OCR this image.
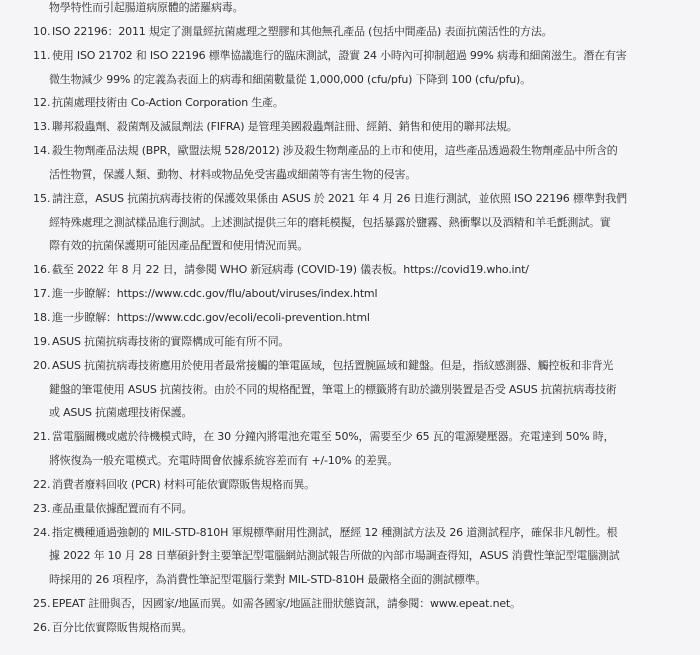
物學特性而引起腸道病原體的諾羅病毒。
10. ISO 22196：2011 規定了測量經抗菌處理之塑膠和其他無孔產品 (包括中間產品) 表面抗菌活性的方法。
11. 使用 ISO 21702 和 ISO 22196 標準協議進行的臨床測試，證實 24 小時內可抑制超過 99% 病毒和細菌滋生。潛在有害
微生物減少 99% 的定義為表面上的病毒和細菌數量從 1,000,000 (cfu/pfu) 下降到 100 (cfu/pfu)。
12. 抗菌處理技術由 Co-Action Corporation 生產。
13. 聯邦殺蟲劑、殺菌劑及滅鼠劑法 (FIFRA) 是管理美國殺蟲劑註冊、經銷、銷售和使用的聯邦法規。
14. 殺生物劑產品法規 (BPR，歐盟法規 528/2012) 涉及殺生物劑產品的上市和使用，這些產品透過殺生物劑產品中所含的
活性物質，保護人類、動物、材料或物品免受害蟲或細菌等有害生物的侵害。
15. 請注意，ASUS 抗菌抗病毒技術的保護效果係由 ASUS 於 2021 年 4 月 26 日進行測試，並依照 ISO 22196 標準對我們
經特殊處理之測試樣品進行測試。上述測試提供三年的磨耗模擬，包括暴露於鹽霧、熱衝擊以及酒精和羊毛氈測試。實
際有效的抗菌保護期可能因產品配置和使用情況而異。
16. 截至 2022 年 8 月 22 日，請參閱 WHO 新冠病毒 (COVID-19) 儀表板。https://covid19.who.int/
17. 進一步瞭解：https://www.cdc.gov/flu/about/viruses/index.html
18. 進一步瞭解：https://www.cdc.gov/ecoli/ecoli-prevention.html
19. ASUS 抗菌抗病毒技術的實際構成可能有所不同。
20. ASUS 抗菌抗病毒技術應用於使用者最常接觸的筆電區域，包括置腕區域和鍵盤。但是，指紋感測器、觸控板和非背光
鍵盤的筆電使用 ASUS 抗菌技術。由於不同的規格配置，筆電上的標籤將有助於識別裝置是否受 ASUS 抗菌抗病毒技術
或 ASUS 抗菌處理技術保護。
21. 當電腦關機或處於待機模式時，在 30 分鐘內將電池充電至 50%，需要至少 65 瓦的電源變壓器。充電達到 50% 時，
將恢復為一般充電模式。充電時間會依據系統容差而有 +/-10% 的差異。
22. 消費者廢料回收 (PCR) 材料可能依實際販售規格而異。
23. 產品重量依據配置而有不同。
24. 指定機種通過強韌的 MIL-STD-810H 軍規標準耐用性測試，歷經 12 種測試方法及 26 道測試程序，確保非凡韌性。根
據 2022 年 10 月 28 日華碩針對主要筆記型電腦網站測試報告所做的內部市場調查得知，ASUS 消費性筆記型電腦測試
時採用的 26 項程序，為消費性筆記型電腦行業對 MIL-STD-810H 最嚴格全面的測試標準。
25. EPEAT 註冊與否，因國家/地區而異。如需各國家/地區註冊狀態資訊，請參閱：www.epeat.net。
26. 百分比依實際販售規格而異。
